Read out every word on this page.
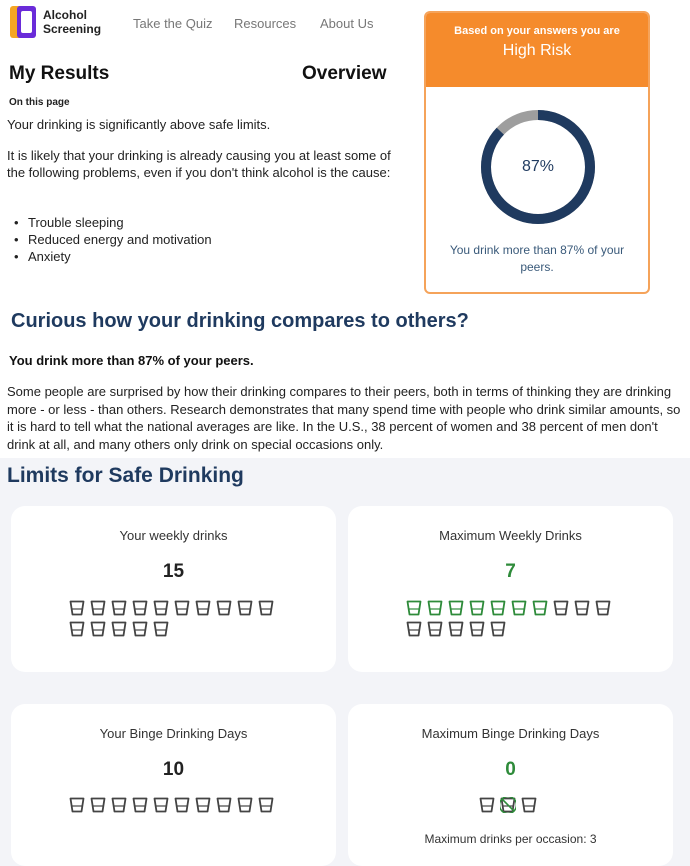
Alcohol
Screening	Take the Quiz Resources About Us
My Results	Overview
On this page

Your drinking is significantly above safe limits.

It is likely that your drinking is already causing you at least some of the following problems, even if you don't think alcohol is the cause:

• Trouble sleeping
• Reduced energy and motivation
• Anxiety
Based on your answers you are
High Risk
87%
You drink more than 87% of your peers.
Curious how your drinking compares to others?

You drink more than 87% of your peers.

Some people are surprised by how their drinking compares to their peers, both in terms of thinking they are drinking more - or less - than others. Research demonstrates that many spend time with people who drink similar amounts, so it is hard to tell what the national averages are like. In the U.S., 38 percent of women and 38 percent of men don't drink at all, and many others only drink on special occasions only.

Limits for Safe Drinking
Your weekly drinks
15
Maximum Weekly Drinks
7
Your Binge Drinking Days
10
Maximum Binge Drinking Days
0
Maximum drinks per occasion: 3
